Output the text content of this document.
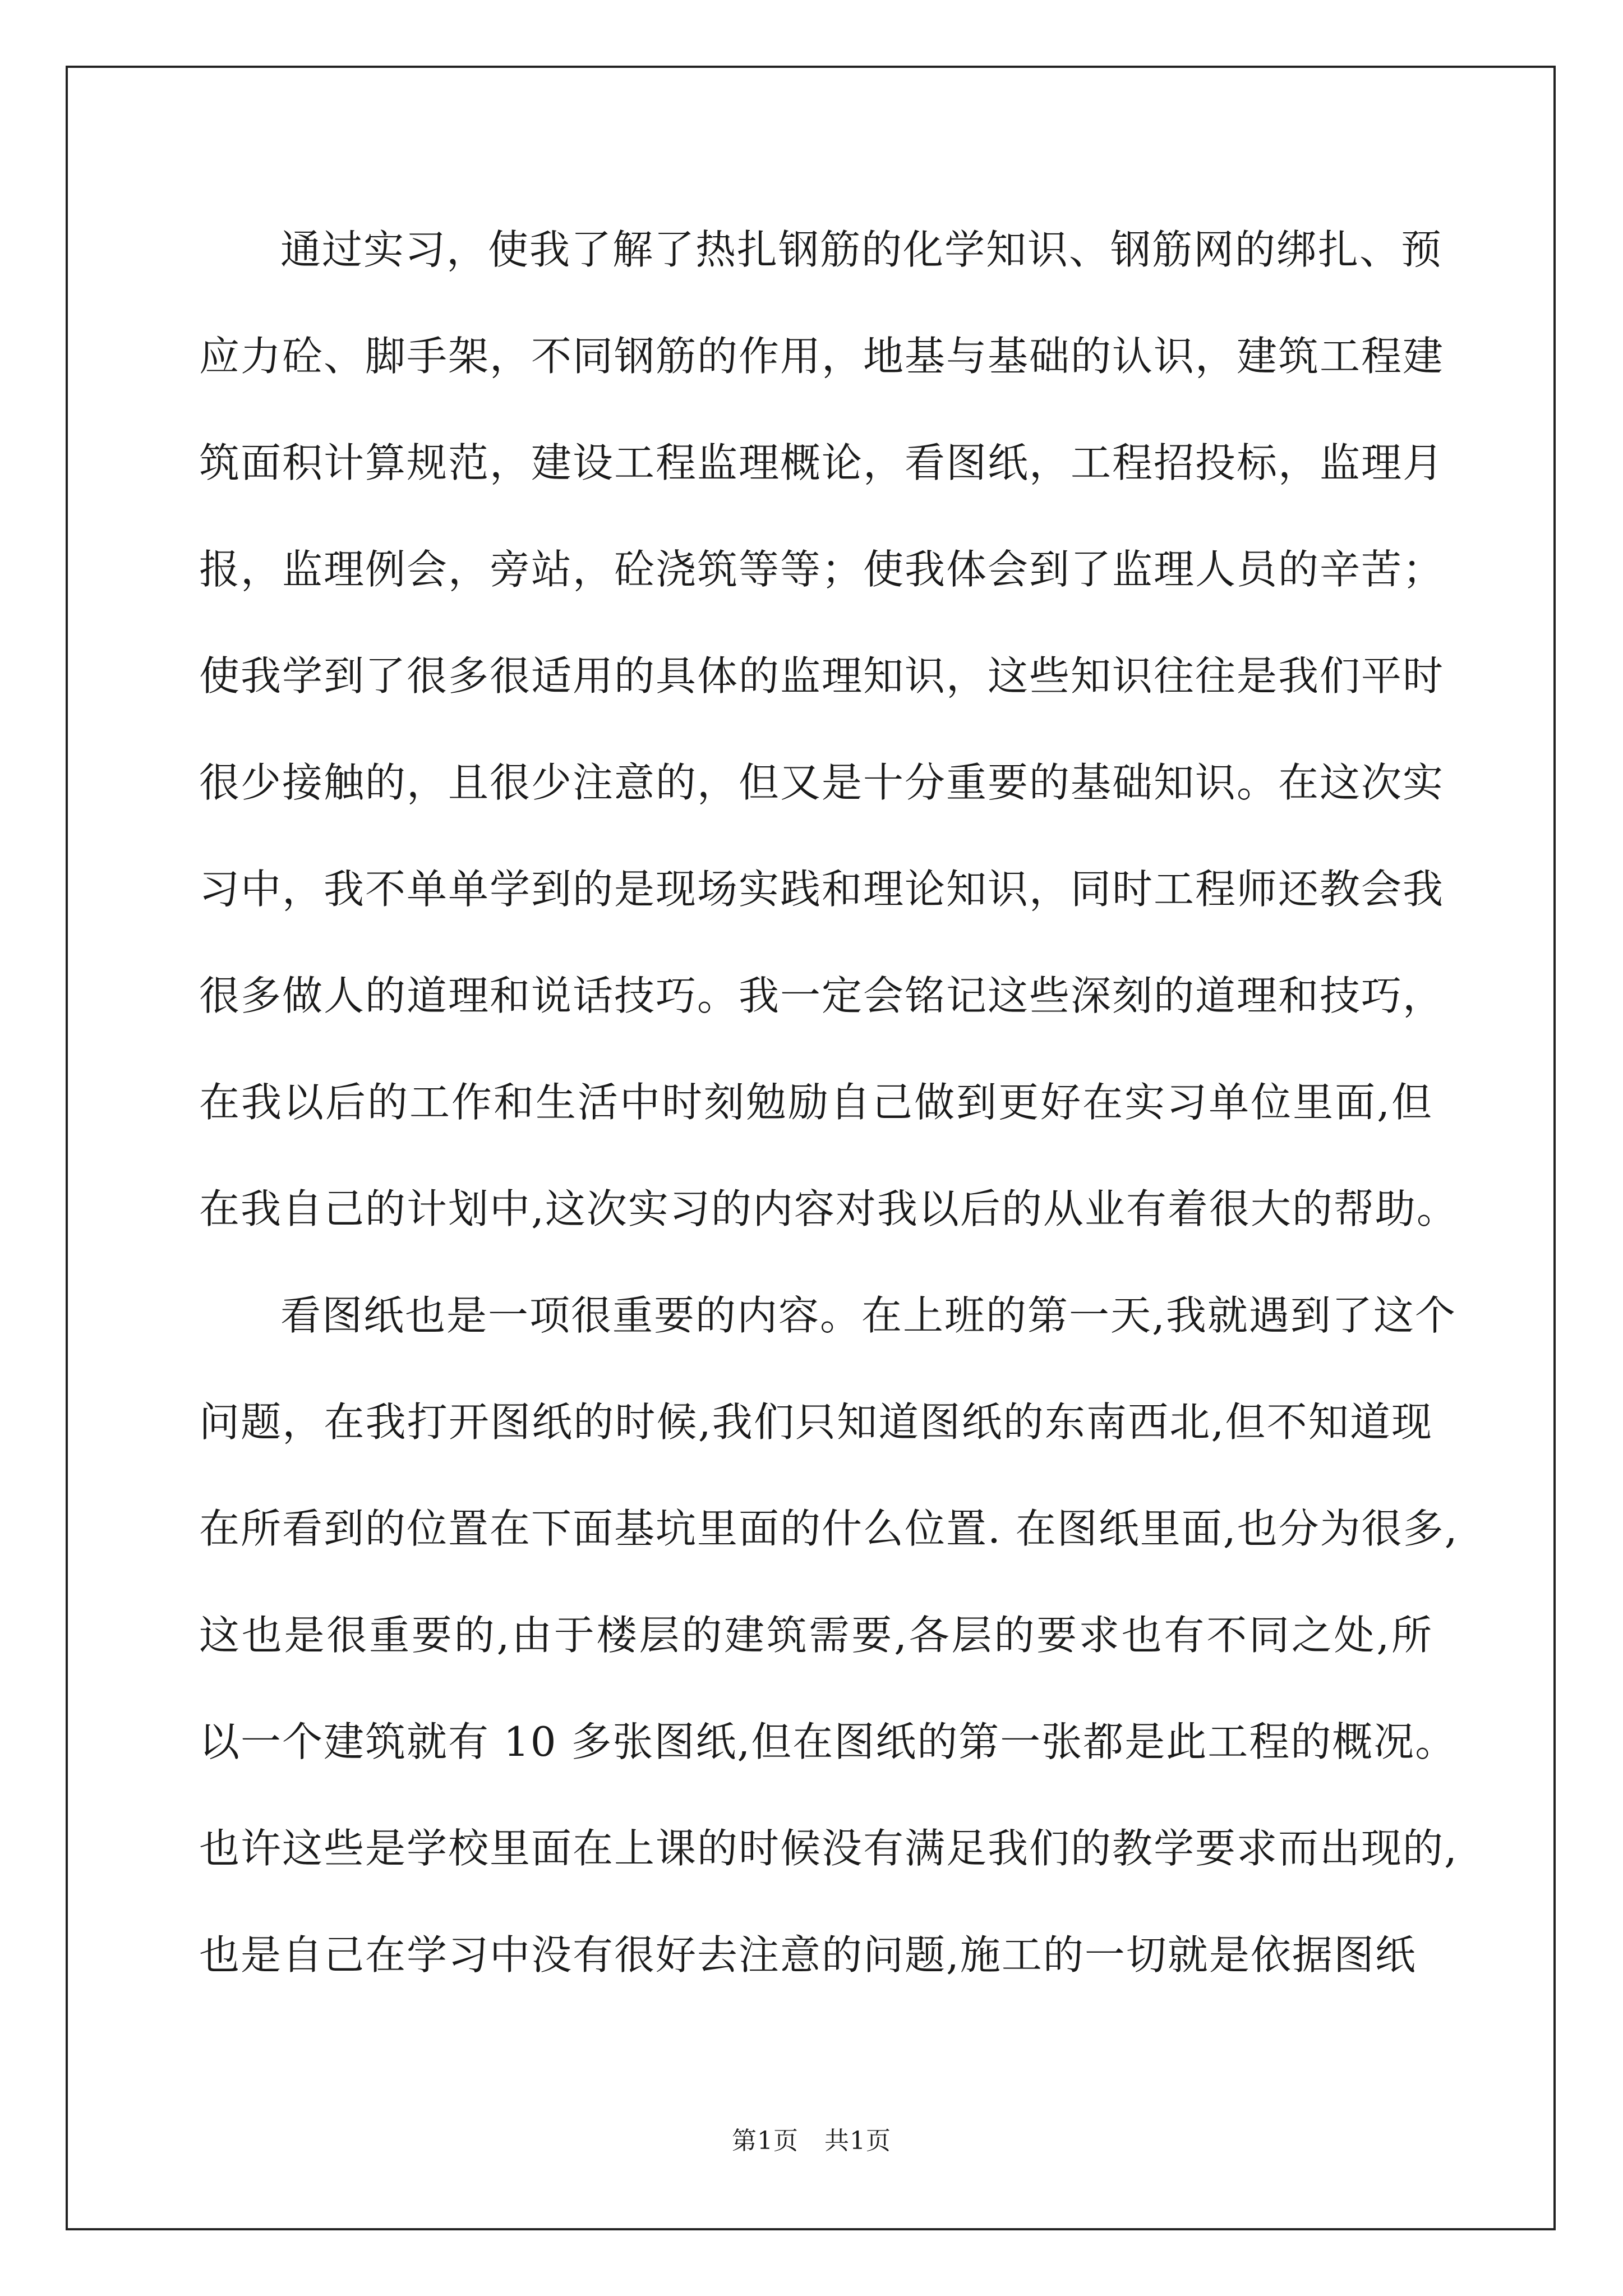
通过实习，使我了解了热扎钢筋的化学知识、钢筋网的绑扎、预
应力砼、脚手架，不同钢筋的作用，地基与基础的认识，建筑工程建
筑面积计算规范，建设工程监理概论，看图纸，工程招投标，监理月
报，监理例会，旁站，砼浇筑等等；使我体会到了监理人员的辛苦；
使我学到了很多很适用的具体的监理知识，这些知识往往是我们平时
很少接触的，且很少注意的，但又是十分重要的基础知识。在这次实
习中，我不单单学到的是现场实践和理论知识，同时工程师还教会我
很多做人的道理和说话技巧。我一定会铭记这些深刻的道理和技巧，
在我以后的工作和生活中时刻勉励自己做到更好在实习单位里面,但
在我自己的计划中,这次实习的内容对我以后的从业有着很大的帮助。
看图纸也是一项很重要的内容。在上班的第一天,我就遇到了这个
问题，在我打开图纸的时候,我们只知道图纸的东南西北,但不知道现
在所看到的位置在下面基坑里面的什么位置. 在图纸里面,也分为很多,
这也是很重要的,由于楼层的建筑需要,各层的要求也有不同之处,所
以一个建筑就有 10 多张图纸,但在图纸的第一张都是此工程的概况。
也许这些是学校里面在上课的时候没有满足我们的教学要求而出现的,
也是自己在学习中没有很好去注意的问题,施工的一切就是依据图纸
第1页 共1页
